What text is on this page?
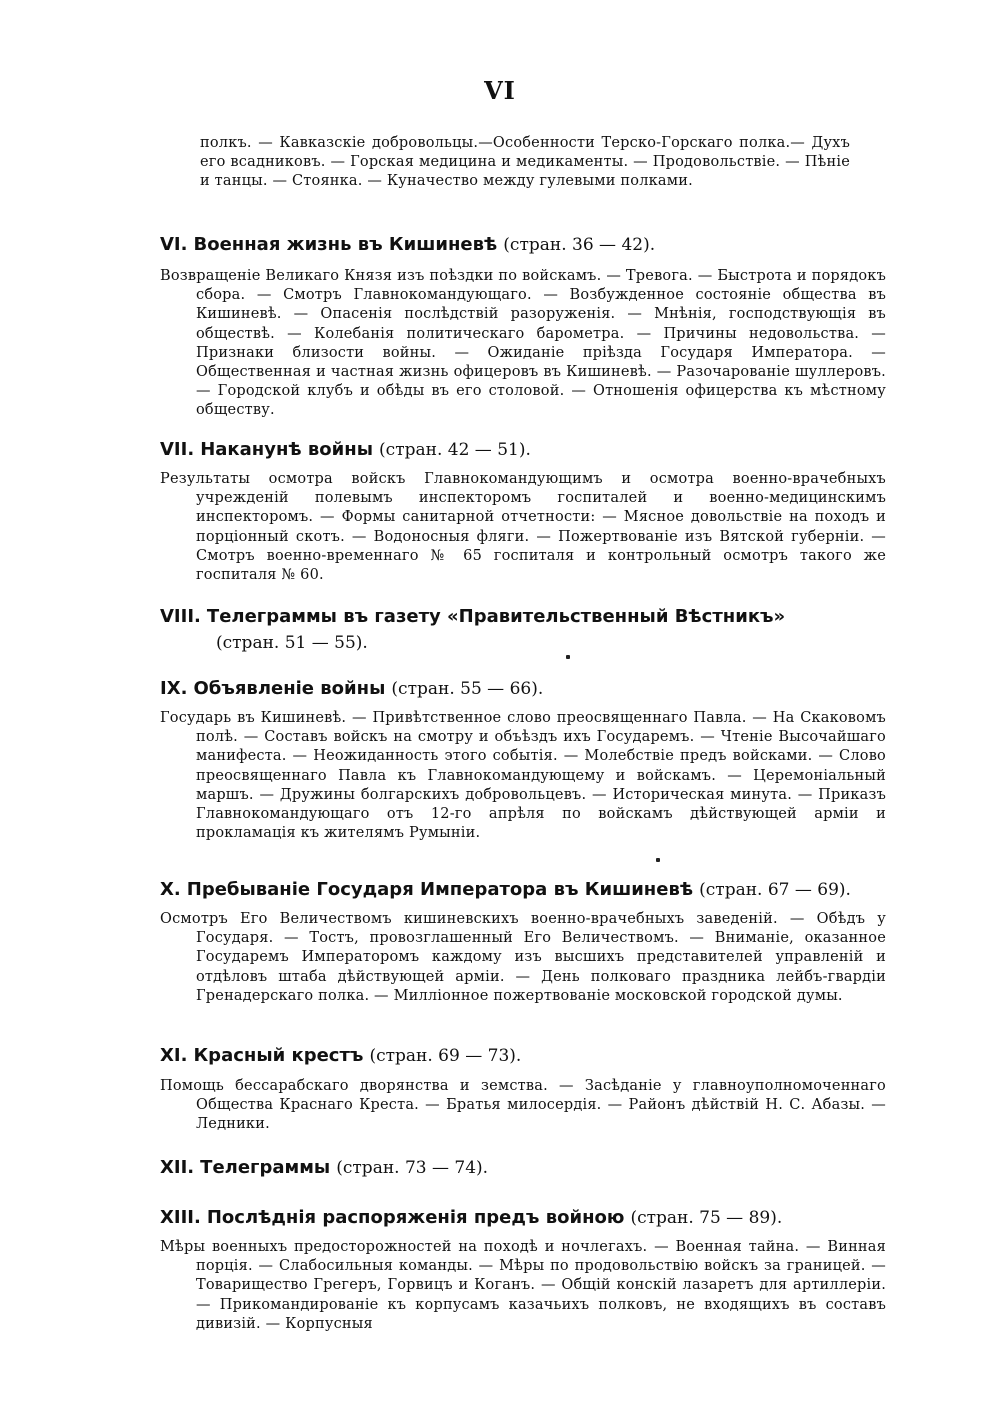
VI
полкъ. — Кавказскіе добровольцы.—Особенности Терско-Горскаго полка.— Духъ его всадниковъ. — Горская медицина и медикаменты. — Продовольствіе. — Пѣніе и танцы. — Стоянка. — Куначество между гулевыми полками.
VI. Военная жизнь въ Кишиневѣ (стран. 36 — 42).
Возвращеніе Великаго Князя изъ поѣздки по войскамъ. — Тревога. — Быстрота и порядокъ сбора. — Смотръ Главнокомандующаго. — Возбужденное состояніе общества въ Кишиневѣ. — Опасенія послѣдствій разоруженія. — Мнѣнія, господствующія въ обществѣ. — Колебанія политическаго барометра. — Причины недовольства. — Признаки близости войны. — Ожиданіе пріѣзда Государя Императора. — Общественная и частная жизнь офицеровъ въ Кишиневѣ. — Разочарованіе шуллеровъ. — Городской клубъ и обѣды въ его столовой. — Отношенія офицерства къ мѣстному обществу.
VII. Наканунѣ войны (стран. 42 — 51).
Результаты осмотра войскъ Главнокомандующимъ и осмотра военно-врачебныхъ учрежденій полевымъ инспекторомъ госпиталей и военно-медицинскимъ инспекторомъ. — Формы санитарной отчетности: — Мясное довольствіе на походъ и порціонный скотъ. — Водоносныя фляги. — Пожертвованіе изъ Вятской губерніи. — Смотръ военно-временнаго № 65 госпиталя и контрольный осмотръ такого же госпиталя № 60.
VIII. Телеграммы въ газету «Правительственный Вѣстникъ»
(стран. 51 — 55).
IX. Объявленіе войны (стран. 55 — 66).
Государь въ Кишиневѣ. — Привѣтственное слово преосвященнаго Павла. — На Скаковомъ полѣ. — Составъ войскъ на смотру и объѣздъ ихъ Государемъ. — Чтеніе Высочайшаго манифеста. — Неожиданность этого событія. — Молебствіе предъ войсками. — Слово преосвященнаго Павла къ Главнокомандующему и войскамъ. — Церемоніальный маршъ. — Дружины болгарскихъ добровольцевъ. — Историческая минута. — Приказъ Главнокомандующаго отъ 12-го апрѣля по войскамъ дѣйствующей арміи и прокламація къ жителямъ Румыніи.
X. Пребываніе Государя Императора въ Кишиневѣ (стран. 67 — 69).
Осмотръ Его Величествомъ кишиневскихъ военно-врачебныхъ заведеній. — Обѣдъ у Государя. — Тостъ, провозглашенный Его Величествомъ. — Вниманіе, оказанное Государемъ Императоромъ каждому изъ высшихъ представителей управленій и отдѣловъ штаба дѣйствующей арміи. — День полковаго праздника лейбъ-гвардіи Гренадерскаго полка. — Милліонное пожертвованіе московской городской думы.
XI. Красный крестъ (стран. 69 — 73).
Помощь бессарабскаго дворянства и земства. — Засѣданіе у главноуполномоченнаго Общества Краснаго Креста. — Братья милосердія. — Районъ дѣйствій Н. С. Абазы. — Ледники.
XII. Телеграммы (стран. 73 — 74).
XIII. Послѣднія распоряженія предъ войною (стран. 75 — 89).
Мѣры военныхъ предосторожностей на походѣ и ночлегахъ. — Военная тайна. — Винная порція. — Слабосильныя команды. — Мѣры по продовольствію войскъ за границей. — Товарищество Грегеръ, Горвицъ и Коганъ. — Общій конскій лазаретъ для артиллеріи. — Прикомандированіе къ корпусамъ казачьихъ полковъ, не входящихъ въ составъ дивизій. — Корпусныя
